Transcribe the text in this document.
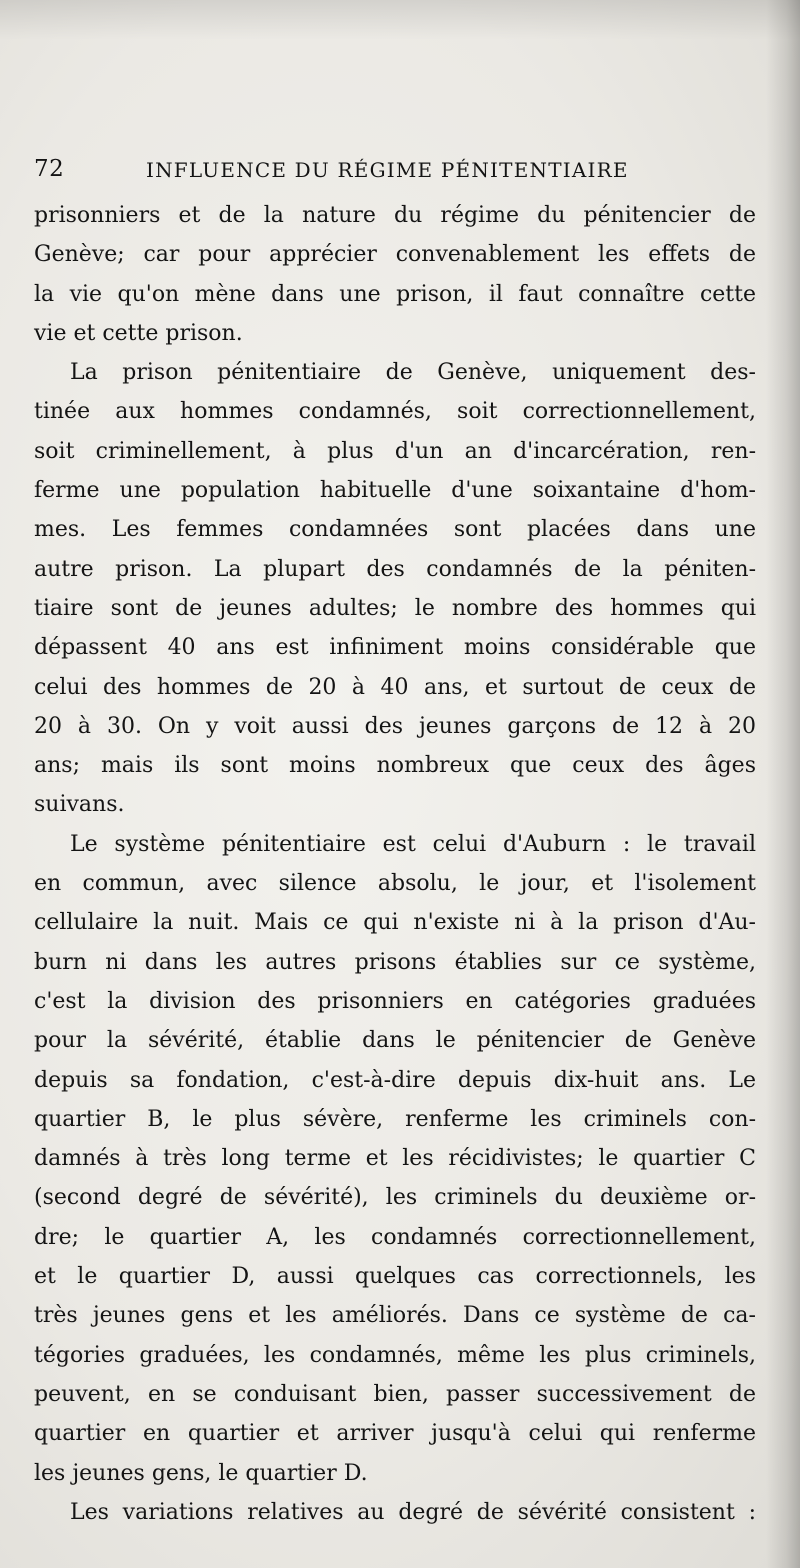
72	INFLUENCE DU RÉGIME PÉNITENTIAIRE
prisonniers et de la nature du régime du pénitencier de
Genève; car pour apprécier convenablement les effets de
la vie qu'on mène dans une prison, il faut connaître cette
vie et cette prison.
La prison pénitentiaire de Genève, uniquement des-
tinée aux hommes condamnés, soit correctionnellement,
soit criminellement, à plus d'un an d'incarcération, ren-
ferme une population habituelle d'une soixantaine d'hom-
mes. Les femmes condamnées sont placées dans une
autre prison. La plupart des condamnés de la péniten-
tiaire sont de jeunes adultes; le nombre des hommes qui
dépassent 40 ans est infiniment moins considérable que
celui des hommes de 20 à 40 ans, et surtout de ceux de
20 à 30. On y voit aussi des jeunes garçons de 12 à 20
ans; mais ils sont moins nombreux que ceux des âges
suivans.
Le système pénitentiaire est celui d'Auburn : le travail
en commun, avec silence absolu, le jour, et l'isolement
cellulaire la nuit. Mais ce qui n'existe ni à la prison d'Au-
burn ni dans les autres prisons établies sur ce système,
c'est la division des prisonniers en catégories graduées
pour la sévérité, établie dans le pénitencier de Genève
depuis sa fondation, c'est-à-dire depuis dix-huit ans. Le
quartier B, le plus sévère, renferme les criminels con-
damnés à très long terme et les récidivistes; le quartier C
(second degré de sévérité), les criminels du deuxième or-
dre; le quartier A, les condamnés correctionnellement,
et le quartier D, aussi quelques cas correctionnels, les
très jeunes gens et les améliorés. Dans ce système de ca-
tégories graduées, les condamnés, même les plus criminels,
peuvent, en se conduisant bien, passer successivement de
quartier en quartier et arriver jusqu'à celui qui renferme
les jeunes gens, le quartier D.
Les variations relatives au degré de sévérité consistent :
